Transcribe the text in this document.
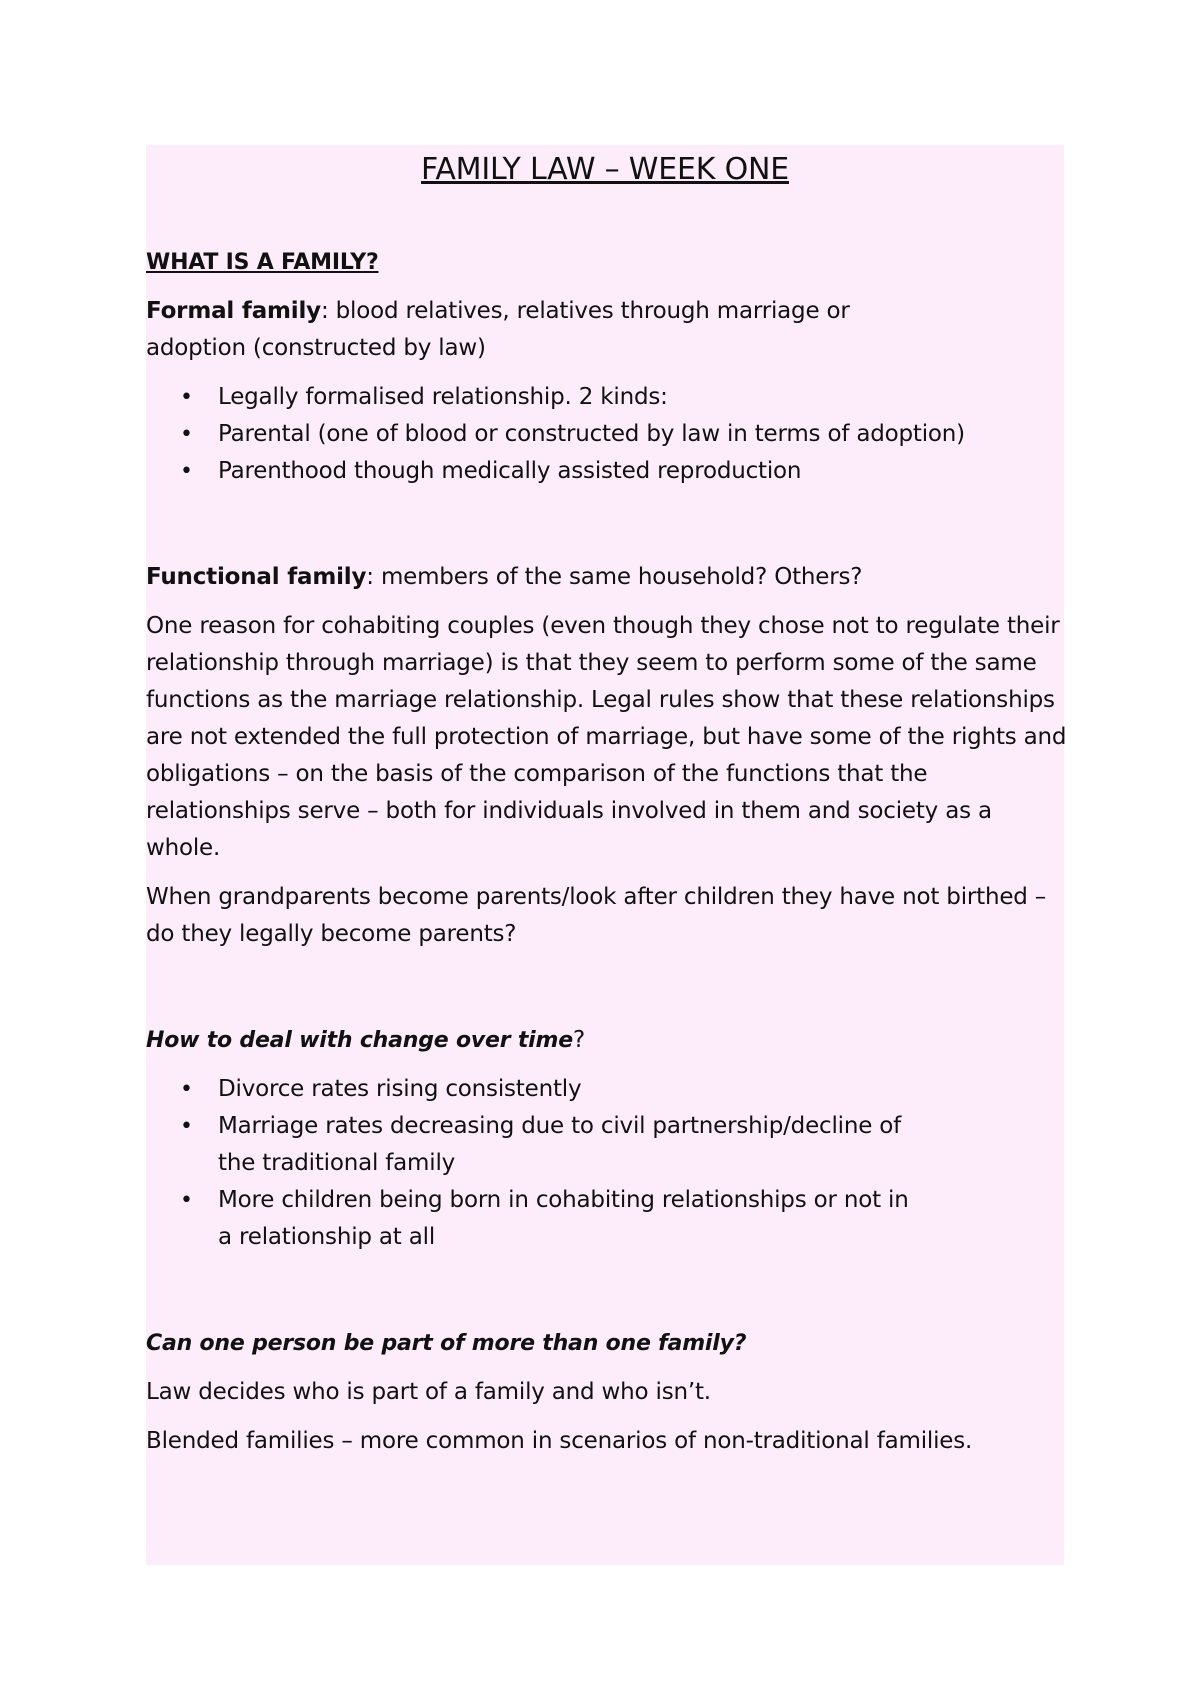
FAMILY LAW – WEEK ONE

WHAT IS A FAMILY?

Formal family: blood relatives, relatives through marriage or adoption (constructed by law)

• Legally formalised relationship. 2 kinds:
• Parental (one of blood or constructed by law in terms of adoption)
• Parenthood though medically assisted reproduction

Functional family: members of the same household? Others?

One reason for cohabiting couples (even though they chose not to regulate their relationship through marriage) is that they seem to perform some of the same functions as the marriage relationship. Legal rules show that these relationships are not extended the full protection of marriage, but have some of the rights and obligations – on the basis of the comparison of the functions that the relationships serve – both for individuals involved in them and society as a whole.

When grandparents become parents/look after children they have not birthed – do they legally become parents?

How to deal with change over time?

• Divorce rates rising consistently
• Marriage rates decreasing due to civil partnership/decline of the traditional family
• More children being born in cohabiting relationships or not in a relationship at all

Can one person be part of more than one family?

Law decides who is part of a family and who isn’t.

Blended families – more common in scenarios of non-traditional families.
